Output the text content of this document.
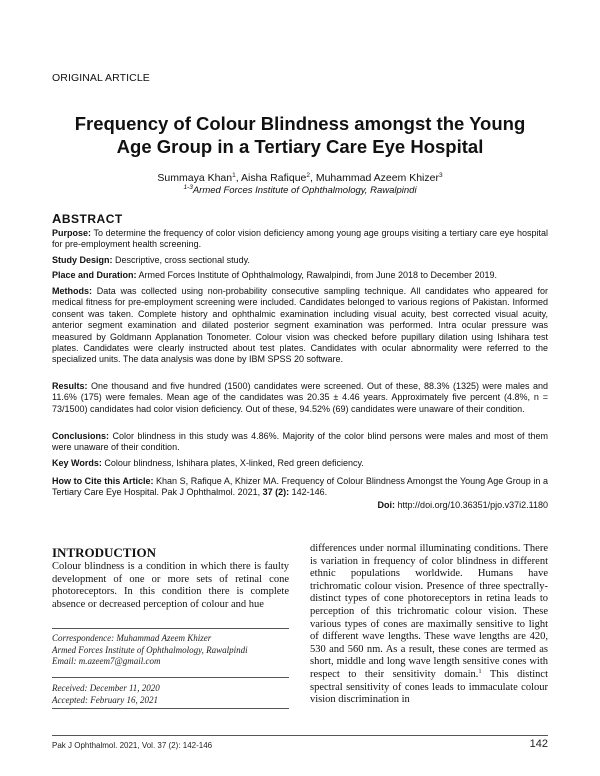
ORIGINAL ARTICLE
Frequency of Colour Blindness amongst the Young
Age Group in a Tertiary Care Eye Hospital
Summaya Khan$^1$, Aisha Rafique$^2$, Muhammad Azeem Khizer$^3$
$^{1-3}$Armed Forces Institute of Ophthalmology, Rawalpindi
ABSTRACT
Purpose: To determine the frequency of color vision deficiency among young age groups visiting a tertiary care eye hospital for pre-employment health screening.
Study Design: Descriptive, cross sectional study.
Place and Duration: Armed Forces Institute of Ophthalmology, Rawalpindi, from June 2018 to December 2019.
Methods: Data was collected using non-probability consecutive sampling technique. All candidates who appeared for medical fitness for pre-employment screening were included. Candidates belonged to various regions of Pakistan. Informed consent was taken. Complete history and ophthalmic examination including visual acuity, best corrected visual acuity, anterior segment examination and dilated posterior segment examination was performed. Intra ocular pressure was measured by Goldmann Applanation Tonometer. Colour vision was checked before pupillary dilation using Ishihara test plates. Candidates were clearly instructed about test plates. Candidates with ocular abnormality were referred to the specialized units. The data analysis was done by IBM SPSS 20 software.
Results: One thousand and five hundred (1500) candidates were screened. Out of these, 88.3% (1325) were males and 11.6% (175) were females. Mean age of the candidates was 20.35 ± 4.46 years. Approximately five percent (4.8%, n = 73/1500) candidates had color vision deficiency. Out of these, 94.52% (69) candidates were unaware of their condition.
Conclusions: Color blindness in this study was 4.86%. Majority of the color blind persons were males and most of them were unaware of their condition.
Key Words: Colour blindness, Ishihara plates, X-linked, Red green deficiency.
How to Cite this Article: Khan S, Rafique A, Khizer MA. Frequency of Colour Blindness Amongst the Young Age Group in a Tertiary Care Eye Hospital. Pak J Ophthalmol. 2021, 37 (2): 142-146.
Doi: http://doi.org/10.36351/pjo.v37i2.1180
INTRODUCTION
Colour blindness is a condition in which there is faulty development of one or more sets of retinal cone photoreceptors. In this condition there is complete absence or decreased perception of colour and hue
differences under normal illuminating conditions. There is variation in frequency of color blindness in different ethnic populations worldwide. Humans have trichromatic colour vision. Presence of three spectrally-distinct types of cone photoreceptors in retina leads to perception of this trichromatic colour vision. These various types of cones are maximally sensitive to light of different wave lengths. These wave lengths are 420, 530 and 560 nm. As a result, these cones are termed as short, middle and long wave length sensitive cones with respect to their sensitivity domain.$^1$ This distinct spectral sensitivity of cones leads to immaculate colour vision discrimination in
Correspondence: Muhammad Azeem Khizer
Armed Forces Institute of Ophthalmology, Rawalpindi
Email: m.azeem7@gmail.com
Received: December 11, 2020
Accepted: February 16, 2021
Pak J Ophthalmol. 2021, Vol. 37 (2): 142-146	142
